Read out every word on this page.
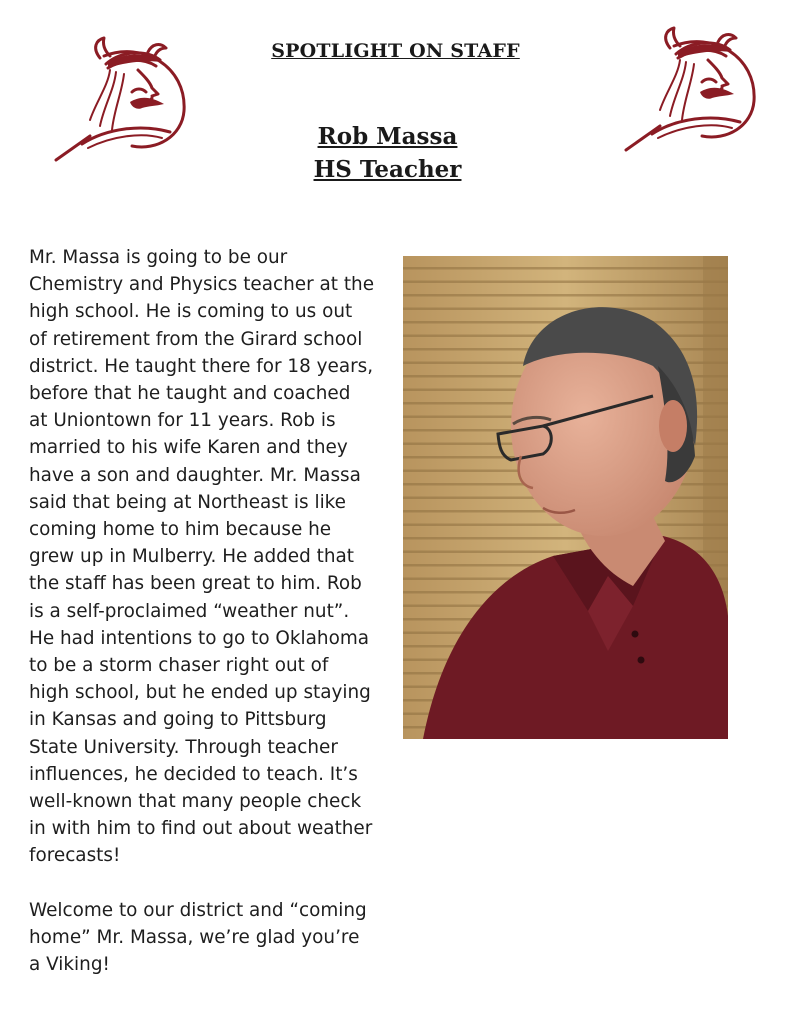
SPOTLIGHT ON STAFF
Rob Massa
HS Teacher

Mr. Massa is going to be our Chemistry and Physics teacher at the high school. He is coming to us out of retirement from the Girard school district. He taught there for 18 years, before that he taught and coached at Uniontown for 11 years. Rob is married to his wife Karen and they have a son and daughter. Mr. Massa said that being at Northeast is like coming home to him because he grew up in Mulberry. He added that the staff has been great to him. Rob is a self-proclaimed “weather nut”. He had intentions to go to Oklahoma to be a storm chaser right out of high school, but he ended up staying in Kansas and going to Pittsburg State University. Through teacher influences, he decided to teach. It’s well-known that many people check in with him to find out about weather forecasts!

Welcome to our district and “coming home” Mr. Massa, we’re glad you’re a Viking!
